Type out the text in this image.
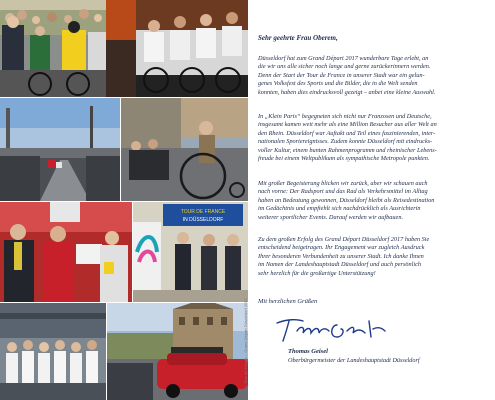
TOUR DE FRANCE
IN DÜSSELDORF
© Tour de France – Grand Départ Düsseldorf 2017
Sehr geehrte Frau Oberem,

Düsseldorf hat zum Grand Départ 2017 wunderbare Tage erlebt, an
die wir uns alle sicher noch lange und gerne zurückerinnern werden.
Denn der Start der Tour de France in unserer Stadt war ein gelun-
genes Volksfest des Sports und die Bilder, die in die Welt senden
konnten, haben dies eindrucksvoll gezeigt – anbei eine kleine Auswahl.

In „Klein Paris“ begegneten sich nicht nur Franzosen und Deutsche,
insgesamt kamen weit mehr als eine Million Besucher aus aller Welt an
den Rhein. Düsseldorf war Auftakt und Teil eines faszinierenden, inter-
nationalen Sportereignisses. Zudem konnte Düsseldorf mit eindrucks-
voller Kultur, einem bunten Rahmenprogramm und rheinischer Lebens-
freude bei einem Weltpublikum als sympathische Metropole punkten.

Mit großer Begeisterung blicken wir zurück, aber wir schauen auch
nach vorne: Der Radsport und das Rad als Verkehrsmittel im Alltag
haben an Bedeutung gewonnen, Düsseldorf bleibt als Reisedestination
im Gedächtnis und empfiehlt sich nachdrücklich als Ausrichterin
weiterer sportlicher Events. Darauf werden wir aufbauen.

Zu dem großen Erfolg des Grand Départ Düsseldorf 2017 haben Sie
entscheidend beigetragen. Ihr Engagement war zugleich Ausdruck
Ihrer besonderen Verbundenheit zu unserer Stadt. Ich danke Ihnen
im Namen der Landeshauptstadt Düsseldorf und auch persönlich
sehr herzlich für die großartige Unterstützung!

Mit herzlichen Grüßen
Thomas Geisel
Oberbürgermeister der Landeshauptstadt Düsseldorf
